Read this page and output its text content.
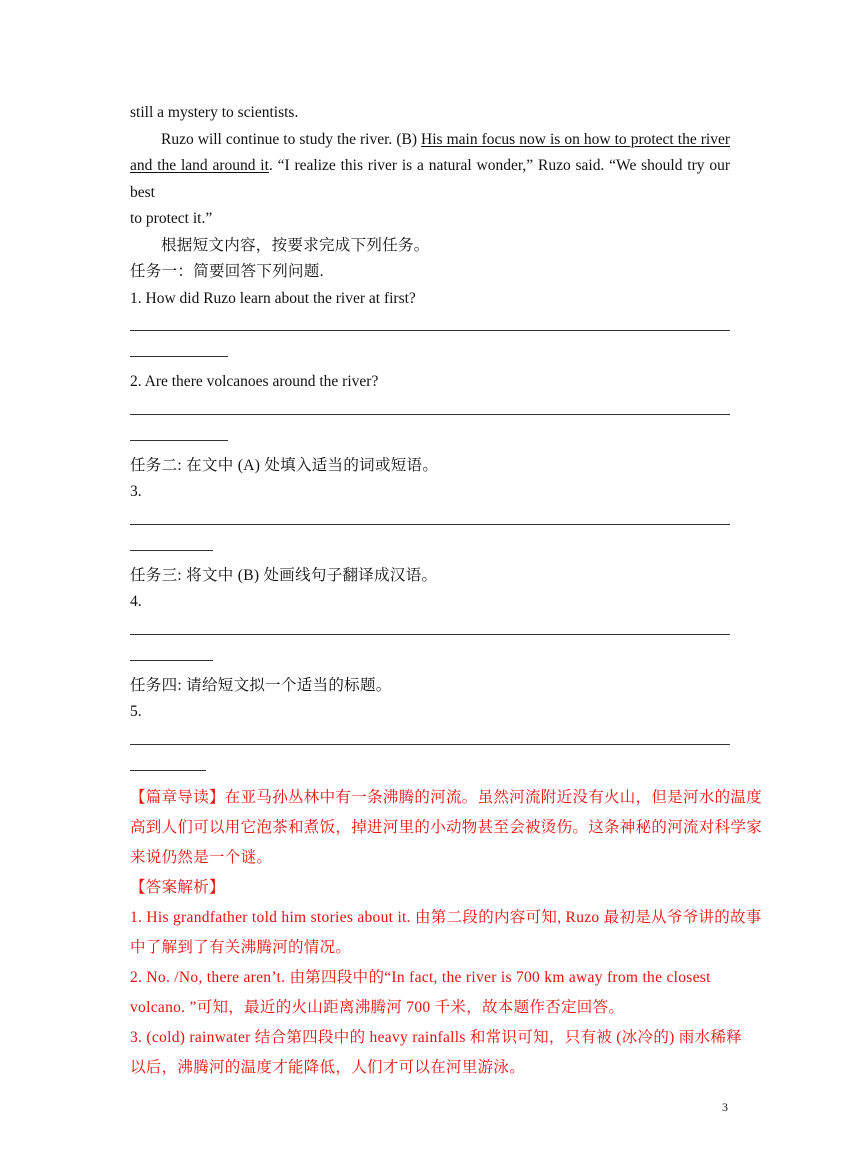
still a mystery to scientists.

Ruzo will continue to study the river. (B) His main focus now is on how to protect the river

and the land around it. “I realize this river is a natural wonder,” Ruzo said. “We should try our best

to protect it.”

根据短文内容，按要求完成下列任务。

任务一：简要回答下列问题.

1. How did Ruzo learn about the river at first?

2. Are there volcanoes around the river?

任务二: 在文中 (A) 处填入适当的词或短语。

3.

任务三: 将文中 (B) 处画线句子翻译成汉语。

4.

任务四: 请给短文拟一个适当的标题。

5.

【篇章导读】在亚马孙丛林中有一条沸腾的河流。虽然河流附近没有火山，但是河水的温度

高到人们可以用它泡茶和煮饭，掉进河里的小动物甚至会被烫伤。这条神秘的河流对科学家

来说仍然是一个谜。

【答案解析】

1. His grandfather told him stories about it. 由第二段的内容可知, Ruzo 最初是从爷爷讲的故事

中了解到了有关沸腾河的情况。

2. No. /No, there aren’t. 由第四段中的“In fact, the river is 700 km away from the closest

volcano. ”可知，最近的火山距离沸腾河 700 千米，故本题作否定回答。

3. (cold) rainwater 结合第四段中的 heavy rainfalls 和常识可知，只有被 (冰冷的) 雨水稀释

以后，沸腾河的温度才能降低，人们才可以在河里游泳。

3
